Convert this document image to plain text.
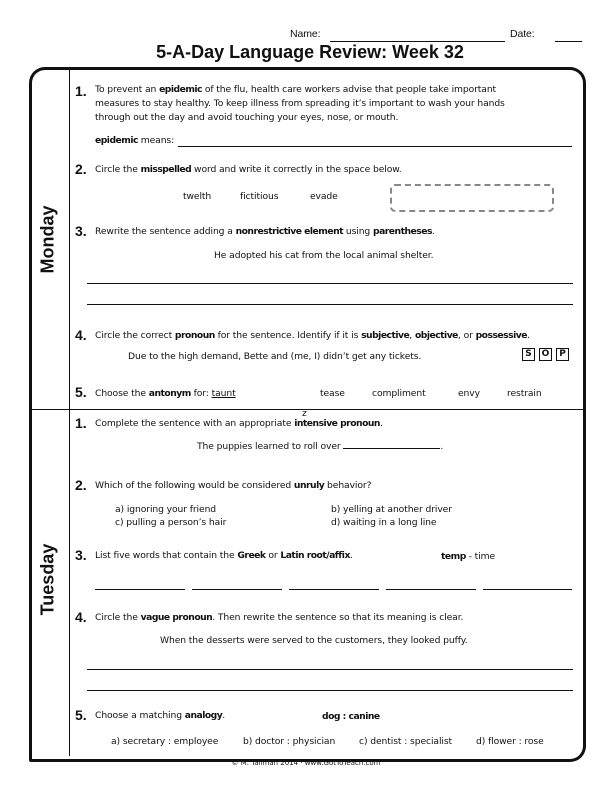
Name:	Date:
5-A-Day Language Review: Week 32
Monday
Tuesday
1. To prevent an epidemic of the flu, health care workers advise that people take important
measures to stay healthy. To keep illness from spreading it’s important to wash your hands
through out the day and avoid touching your eyes, nose, or mouth.
epidemic means:
2. Circle the misspelled word and write it correctly in the space below.
twelth	fictitious	evade
3. Rewrite the sentence adding a nonrestrictive element using parentheses.
He adopted his cat from the local animal shelter.
4. Circle the correct pronoun for the sentence. Identify if it is subjective, objective, or possessive.
Due to the high demand, Bette and (me, I) didn’t get any tickets.	S	O	P
5. Choose the antonym for: taunt	tease	compliment	envy	restrain
z
1. Complete the sentence with an appropriate intensive pronoun.
The puppies learned to roll over	.
2. Which of the following would be considered unruly behavior?
a) ignoring your friend	b) yelling at another driver
c) pulling a person’s hair	d) waiting in a long line
3. List five words that contain the Greek or Latin root/affix.	temp - time
4. Circle the vague pronoun. Then rewrite the sentence so that its meaning is clear.
When the desserts were served to the customers, they looked puffy.
5. Choose a matching analogy.	dog : canine
a) secretary : employee	b) doctor : physician	c) dentist : specialist	d) flower : rose
© M. Tallman 2014 · www.GotToTeach.com
